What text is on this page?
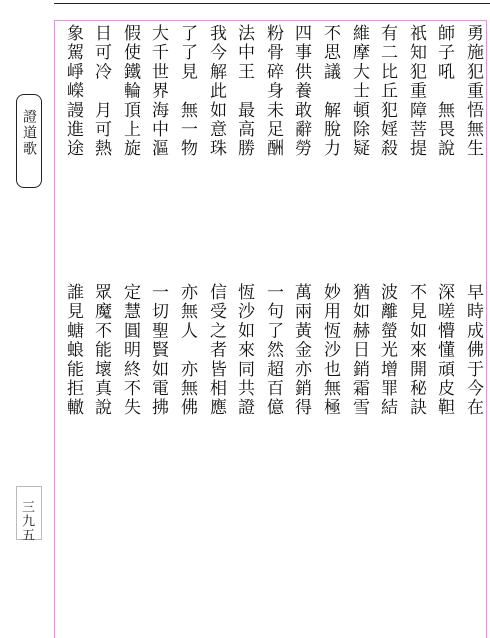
證道歌
三九五
勇施犯重悟無生
早時成佛于今在
師子吼　無畏說
深嗟懵懂頑皮靼
祇知犯重障菩提
不見如來開秘訣
有二比丘犯婬殺
波離螢光增罪結
維摩大士頓除疑
猶如赫日銷霜雪
不思議　解脫力
妙用恆沙也無極
四事供養敢辭勞
萬兩黃金亦銷得
粉骨碎身未足酬
一句了然超百億
法中王　最高勝
恆沙如來同共證
我今解此如意珠
信受之者皆相應
了了見　無一物
亦無人　亦無佛
大千世界海中漚
一切聖賢如電拂
假使鐵輪頂上旋
定慧圓明終不失
日可冷　月可熱
眾魔不能壞真說
象駕崢嶸謾進途
誰見螗蜋能拒轍
